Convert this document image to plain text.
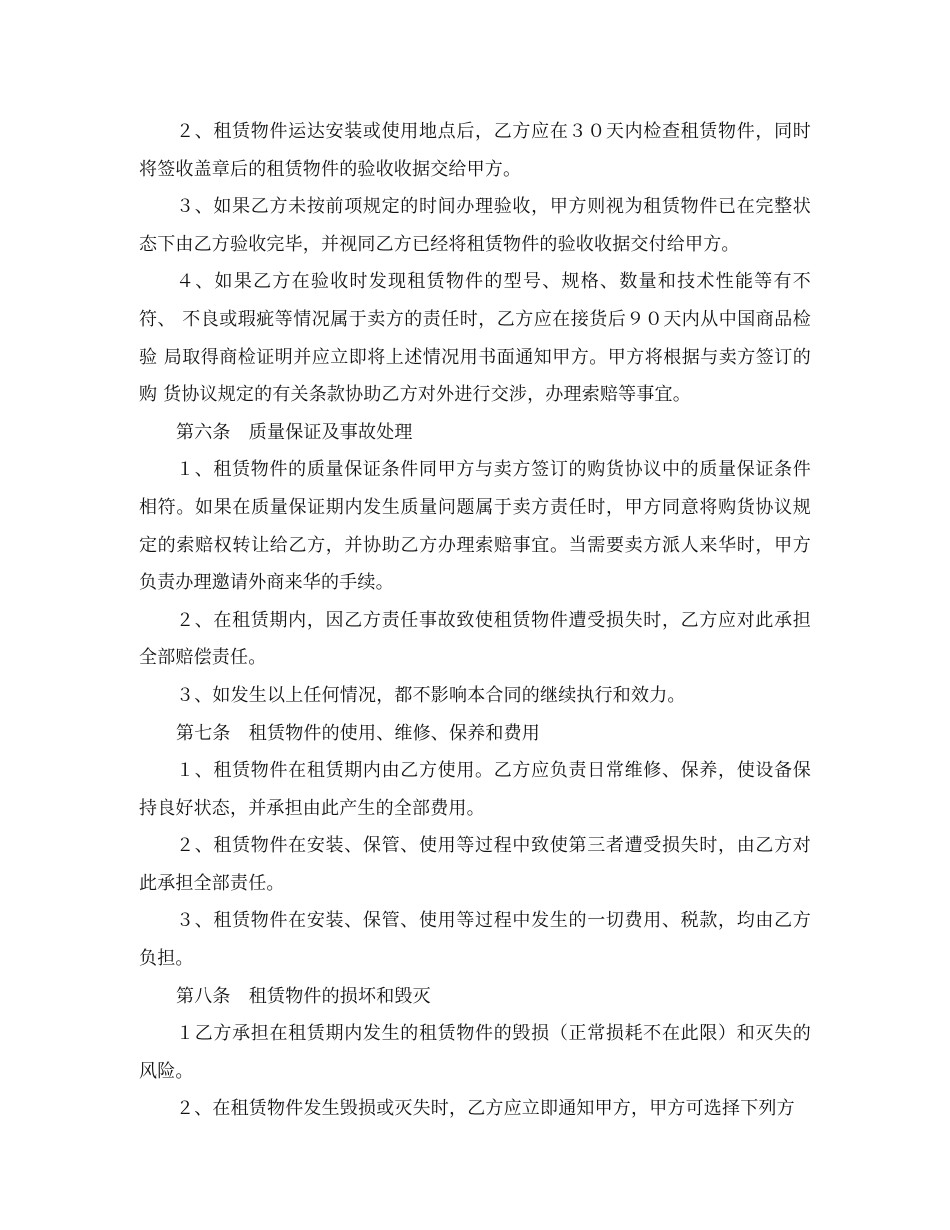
２、租赁物件运达安装或使用地点后，乙方应在３０天内检查租赁物件，同时将签收盖章后的租赁物件的验收收据交给甲方。

３、如果乙方未按前项规定的时间办理验收，甲方则视为租赁物件已在完整状态下由乙方验收完毕，并视同乙方已经将租赁物件的验收收据交付给甲方。

４、如果乙方在验收时发现租赁物件的型号、规格、数量和技术性能等有不符、 不良或瑕疵等情况属于卖方的责任时，乙方应在接货后９０天内从中国商品检验 局取得商检证明并应立即将上述情况用书面通知甲方。甲方将根据与卖方签订的购 货协议规定的有关条款协助乙方对外进行交涉，办理索赔等事宜。

第六条　质量保证及事故处理

１、租赁物件的质量保证条件同甲方与卖方签订的购货协议中的质量保证条件相符。如果在质量保证期内发生质量问题属于卖方责任时，甲方同意将购货协议规定的索赔权转让给乙方，并协助乙方办理索赔事宜。当需要卖方派人来华时，甲方负责办理邀请外商来华的手续。

２、在租赁期内，因乙方责任事故致使租赁物件遭受损失时，乙方应对此承担全部赔偿责任。

３、如发生以上任何情况，都不影响本合同的继续执行和效力。

第七条　租赁物件的使用、维修、保养和费用

１、租赁物件在租赁期内由乙方使用。乙方应负责日常维修、保养，使设备保持良好状态，并承担由此产生的全部费用。

２、租赁物件在安装、保管、使用等过程中致使第三者遭受损失时，由乙方对此承担全部责任。

３、租赁物件在安装、保管、使用等过程中发生的一切费用、税款，均由乙方负担。

第八条　租赁物件的损坏和毁灭

１乙方承担在租赁期内发生的租赁物件的毁损（正常损耗不在此限）和灭失的风险。

２、在租赁物件发生毁损或灭失时，乙方应立即通知甲方，甲方可选择下列方
